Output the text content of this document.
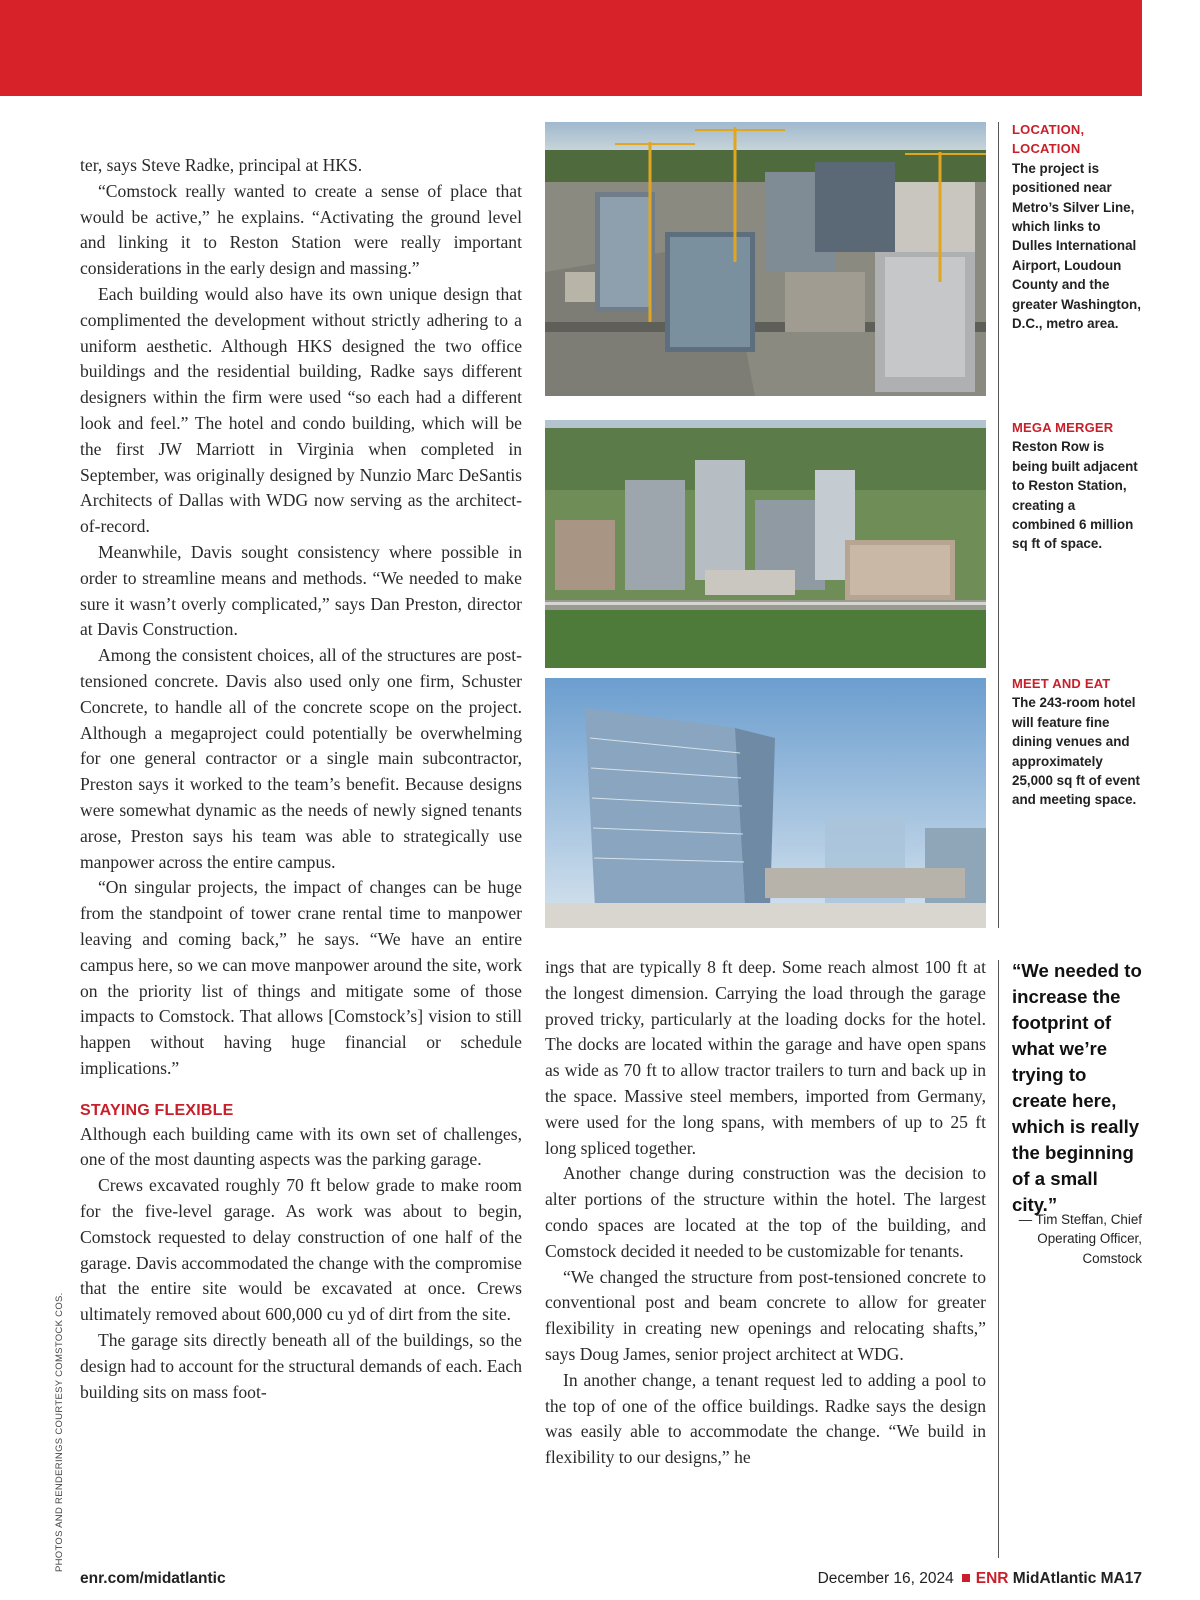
ter, says Steve Radke, principal at HKS.

“Comstock really wanted to create a sense of place that would be active,” he explains. “Activating the ground level and linking it to Reston Station were really important considerations in the early design and massing.”

Each building would also have its own unique design that complimented the development without strictly adhering to a uniform aesthetic. Although HKS designed the two office buildings and the residential building, Radke says different designers within the firm were used “so each had a different look and feel.” The hotel and condo building, which will be the first JW Marriott in Virginia when completed in September, was originally designed by Nunzio Marc DeSantis Architects of Dallas with WDG now serving as the architect-of-record.

Meanwhile, Davis sought consistency where possible in order to streamline means and methods. “We needed to make sure it wasn’t overly complicated,” says Dan Preston, director at Davis Construction.

Among the consistent choices, all of the structures are post-tensioned concrete. Davis also used only one firm, Schuster Concrete, to handle all of the concrete scope on the project. Although a megaproject could potentially be overwhelming for one general contractor or a single main subcontractor, Preston says it worked to the team’s benefit. Because designs were somewhat dynamic as the needs of newly signed tenants arose, Preston says his team was able to strategically use manpower across the entire campus.

“On singular projects, the impact of changes can be huge from the standpoint of tower crane rental time to manpower leaving and coming back,” he says. “We have an entire campus here, so we can move manpower around the site, work on the priority list of things and mitigate some of those impacts to Comstock. That allows [Comstock’s] vision to still happen without having huge financial or schedule implications.”

STAYING FLEXIBLE

Although each building came with its own set of challenges, one of the most daunting aspects was the parking garage.

Crews excavated roughly 70 ft below grade to make room for the five-level garage. As work was about to begin, Comstock requested to delay construction of one half of the garage. Davis accommodated the change with the compromise that the entire site would be excavated at once. Crews ultimately removed about 600,000 cu yd of dirt from the site.

The garage sits directly beneath all of the buildings, so the design had to account for the structural demands of each. Each building sits on mass foot-

ings that are typically 8 ft deep. Some reach almost 100 ft at the longest dimension. Carrying the load through the garage proved tricky, particularly at the loading docks for the hotel. The docks are located within the garage and have open spans as wide as 70 ft to allow tractor trailers to turn and back up in the space. Massive steel members, imported from Germany, were used for the long spans, with members of up to 25 ft long spliced together.

Another change during construction was the decision to alter portions of the structure within the hotel. The largest condo spaces are located at the top of the building, and Comstock decided it needed to be customizable for tenants.

“We changed the structure from post-tensioned concrete to conventional post and beam concrete to allow for greater flexibility in creating new openings and relocating shafts,” says Doug James, senior project architect at WDG.

In another change, a tenant request led to adding a pool to the top of one of the office buildings. Radke says the design was easily able to accommodate the change. “We build in flexibility to our designs,” he

LOCATION, LOCATION
The project is positioned near Metro’s Silver Line, which links to Dulles International Airport, Loudoun County and the greater Washington, D.C., metro area.
MEGA MERGER
Reston Row is being built adjacent to Reston Station, creating a combined 6 million sq ft of space.
MEET AND EAT
The 243-room hotel will feature fine dining venues and approximately 25,000 sq ft of event and meeting space.
“We needed to increase the footprint of what we’re trying to create here, which is really the beginning of a small city.”
— Tim Steffan, Chief Operating Officer, Comstock
PHOTOS AND RENDERINGS COURTESY COMSTOCK COS.
enr.com/midatlantic	December 16, 2024 ENR MidAtlantic MA17
